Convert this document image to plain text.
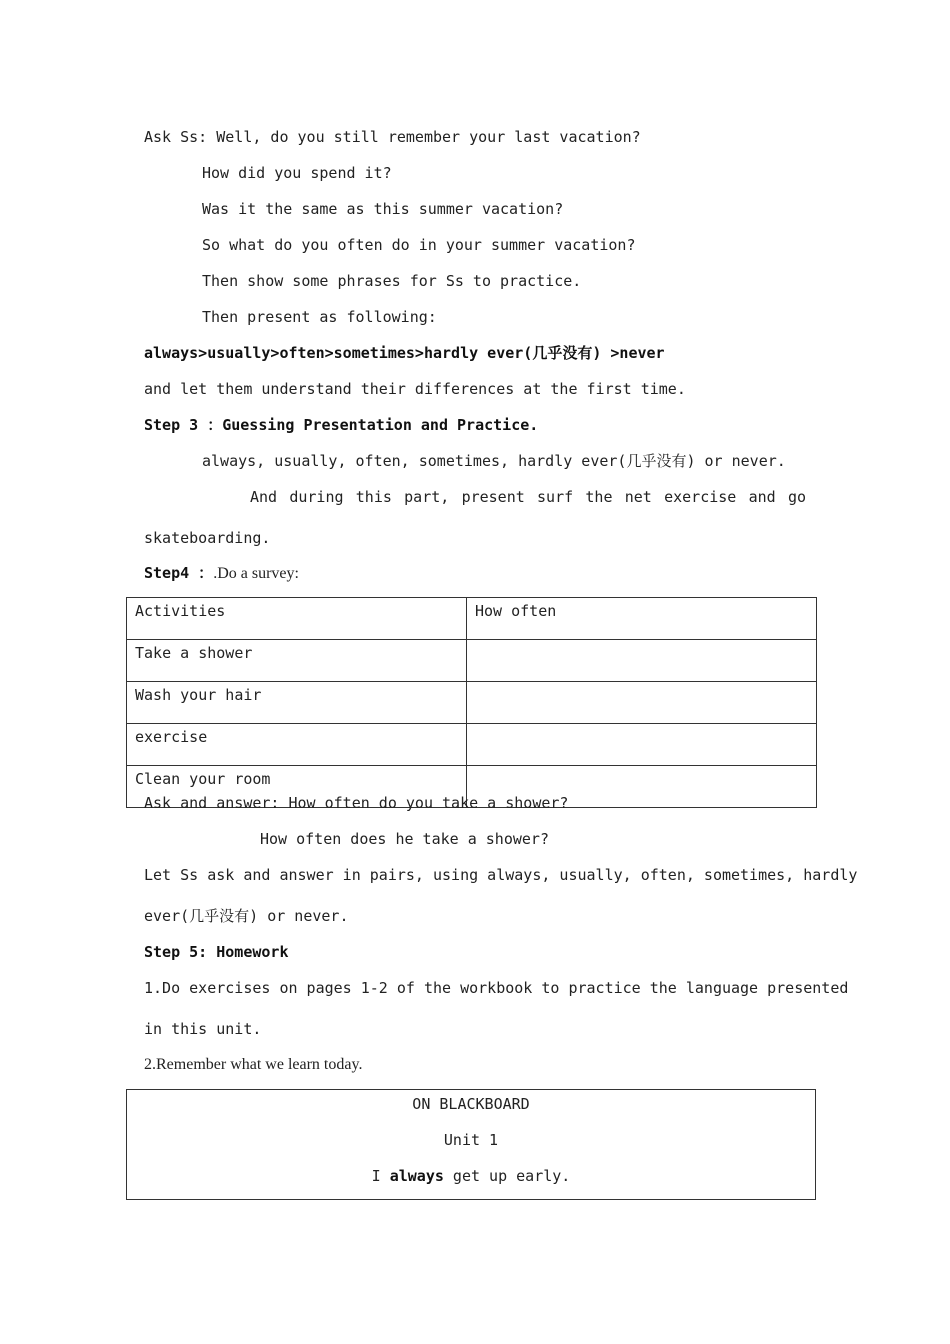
Ask Ss: Well, do you still remember your last vacation?
How did you spend it?
Was it the same as this summer vacation?
So what do you often do in your summer vacation?
Then show some phrases for Ss to practice.
Then present as following:
always>usually>often>sometimes>hardly ever(几乎没有) >never
and let them understand their differences at the first time.
Step 3 ：Guessing Presentation and Practice.
always, usually, often, sometimes, hardly ever(几乎没有) or never.
And during this part, present surf the net exercise and go
skateboarding.
Step4 ：.Do a survey:
Activities	How often
Take a shower	
Wash your hair	
exercise	
Clean your room	
Ask and answer: How often do you take a shower?
How often does he take a shower?
Let Ss ask and answer in pairs, using always, usually, often, sometimes, hardly
ever(几乎没有) or never.
Step 5: Homework
1.Do exercises on pages 1-2 of the workbook to practice the language presented
in this unit.
2.Remember what we learn today.
ON BLACKBOARD
Unit 1
I always get up early.
